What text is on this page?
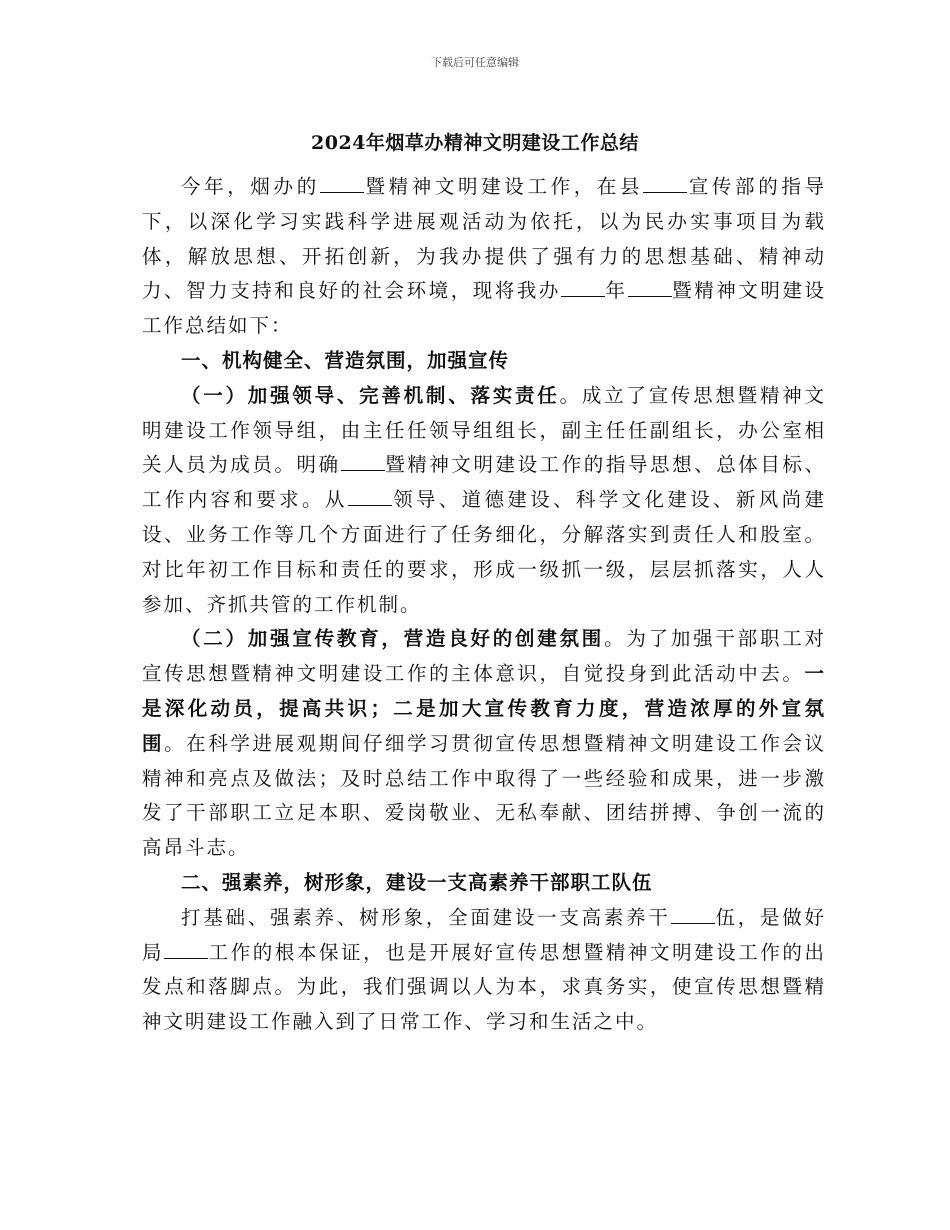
下载后可任意编辑
2024年烟草办精神文明建设工作总结

今年，烟办的 暨精神文明建设工作，在县 宣传部的指导下，以深化学习实践科学进展观活动为依托，以为民办实事项目为载体，解放思想、开拓创新，为我办提供了强有力的思想基础、精神动力、智力支持和良好的社会环境，现将我办 年 暨精神文明建设工作总结如下：

一、机构健全、营造氛围，加强宣传

（一）加强领导、完善机制、落实责任。成立了宣传思想暨精神文明建设工作领导组，由主任任领导组组长，副主任任副组长，办公室相关人员为成员。明确 暨精神文明建设工作的指导思想、总体目标、工作内容和要求。从 领导、道德建设、科学文化建设、新风尚建设、业务工作等几个方面进行了任务细化，分解落实到责任人和股室。对比年初工作目标和责任的要求，形成一级抓一级，层层抓落实，人人参加、齐抓共管的工作机制。

（二）加强宣传教育，营造良好的创建氛围。为了加强干部职工对宣传思想暨精神文明建设工作的主体意识，自觉投身到此活动中去。一是深化动员，提高共识；二是加大宣传教育力度，营造浓厚的外宣氛围。在科学进展观期间仔细学习贯彻宣传思想暨精神文明建设工作会议精神和亮点及做法；及时总结工作中取得了一些经验和成果，进一步激发了干部职工立足本职、爱岗敬业、无私奉献、团结拼搏、争创一流的高昂斗志。

二、强素养，树形象，建设一支高素养干部职工队伍

打基础、强素养、树形象，全面建设一支高素养干 伍，是做好局 工作的根本保证，也是开展好宣传思想暨精神文明建设工作的出发点和落脚点。为此，我们强调以人为本，求真务实，使宣传思想暨精神文明建设工作融入到了日常工作、学习和生活之中。
